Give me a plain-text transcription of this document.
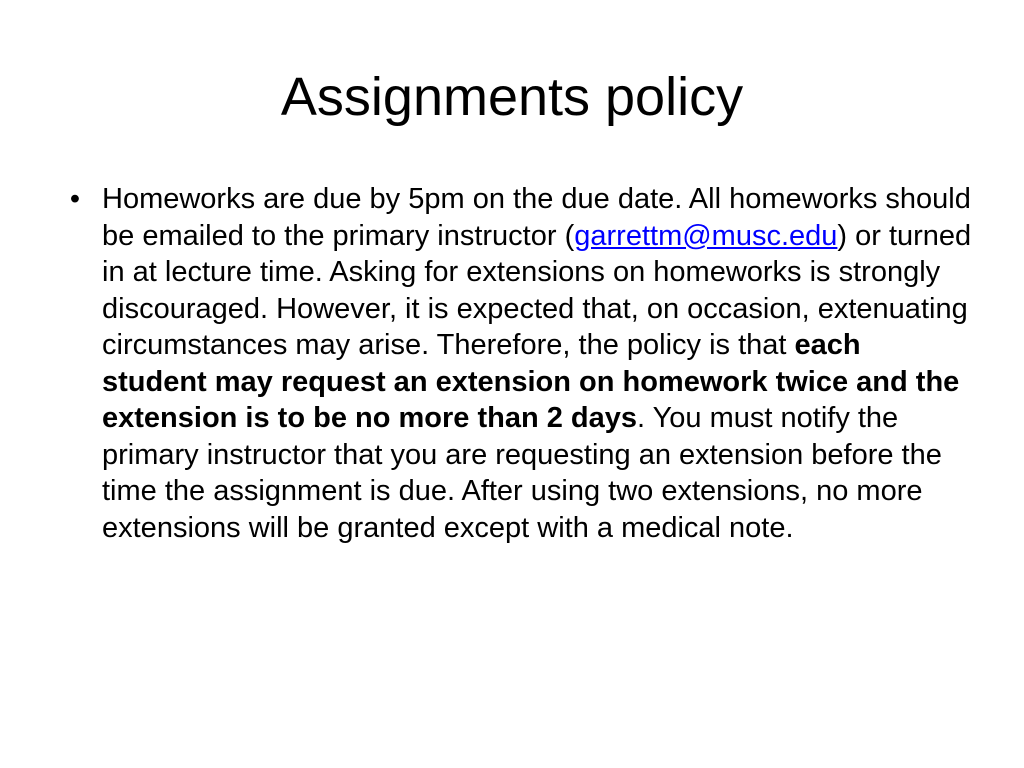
Assignments policy
• Homeworks are due by 5pm on the due date. All homeworks should be emailed to the primary instructor (garrettm@musc.edu) or turned in at lecture time. Asking for extensions on homeworks is strongly discouraged. However, it is expected that, on occasion, extenuating circumstances may arise. Therefore, the policy is that each student may request an extension on homework twice and the extension is to be no more than 2 days. You must notify the primary instructor that you are requesting an extension before the time the assignment is due. After using two extensions, no more extensions will be granted except with a medical note.
